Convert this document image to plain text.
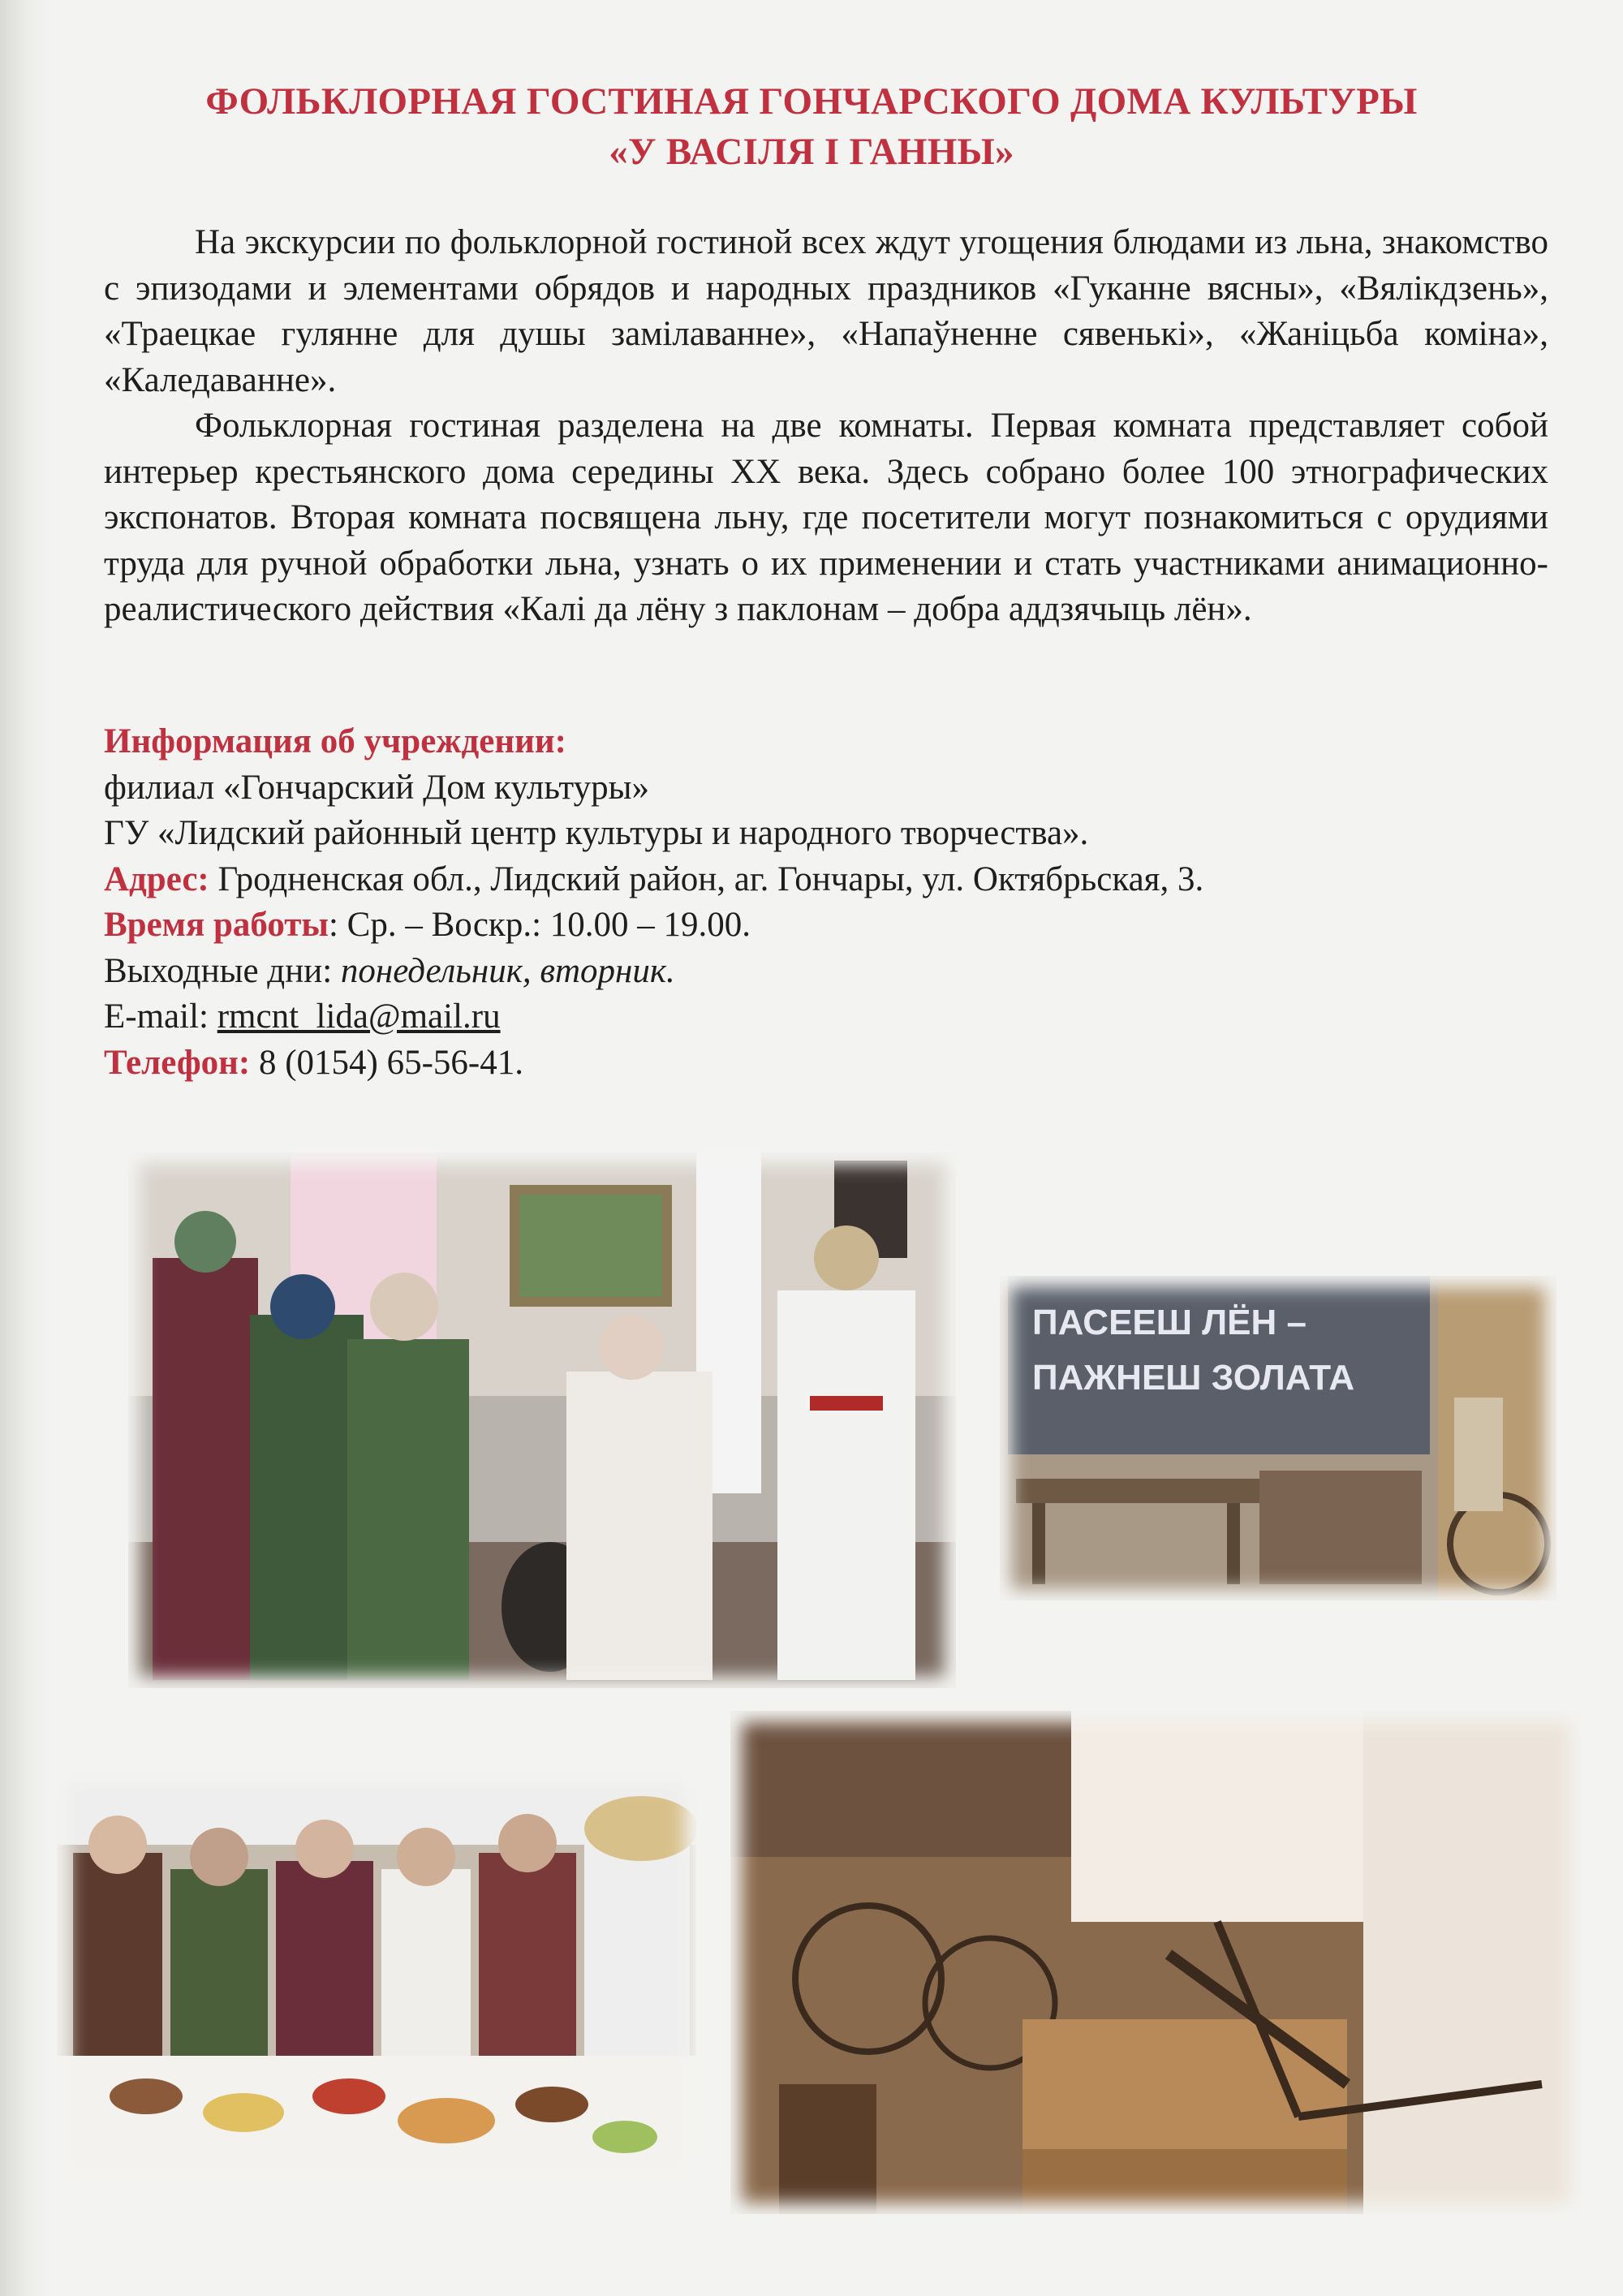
ФОЛЬКЛОРНАЯ ГОСТИНАЯ ГОНЧАРСКОГО ДОМА КУЛЬТУРЫ
«У ВАСІЛЯ І ГАННЫ»

На экскурсии по фольклорной гостиной всех ждут угощения блюдами из льна, знакомство с эпизодами и элементами обрядов и народных праздников «Гуканне вясны», «Вялікдзень», «Траецкае гулянне для душы замілаванне», «Напаўненне сявенькі», «Жаніцьба коміна», «Каледаванне».

Фольклорная гостиная разделена на две комнаты. Первая комната представляет собой интерьер крестьянского дома середины XX века. Здесь собрано более 100 этнографических экспонатов. Вторая комната посвящена льну, где посетители могут познакомиться с орудиями труда для ручной обработки льна, узнать о их применении и стать участниками анимационно-реалистического действия «Калі да лёну з паклонам – добра аддзячыць лён».

Информация об учреждении:
филиал «Гончарский Дом культуры»
ГУ «Лидский районный центр культуры и народного творчества».
Адрес: Гродненская обл., Лидский район, аг. Гончары, ул. Октябрьская, 3.
Время работы: Ср. – Воскр.: 10.00 – 19.00.
Выходные дни: понедельник, вторник.
E-mail: rmcnt_lida@mail.ru
Телефон: 8 (0154) 65-56-41.
ПАСЕЕШ ЛЁН –
ПАЖНЕШ ЗОЛАТА
